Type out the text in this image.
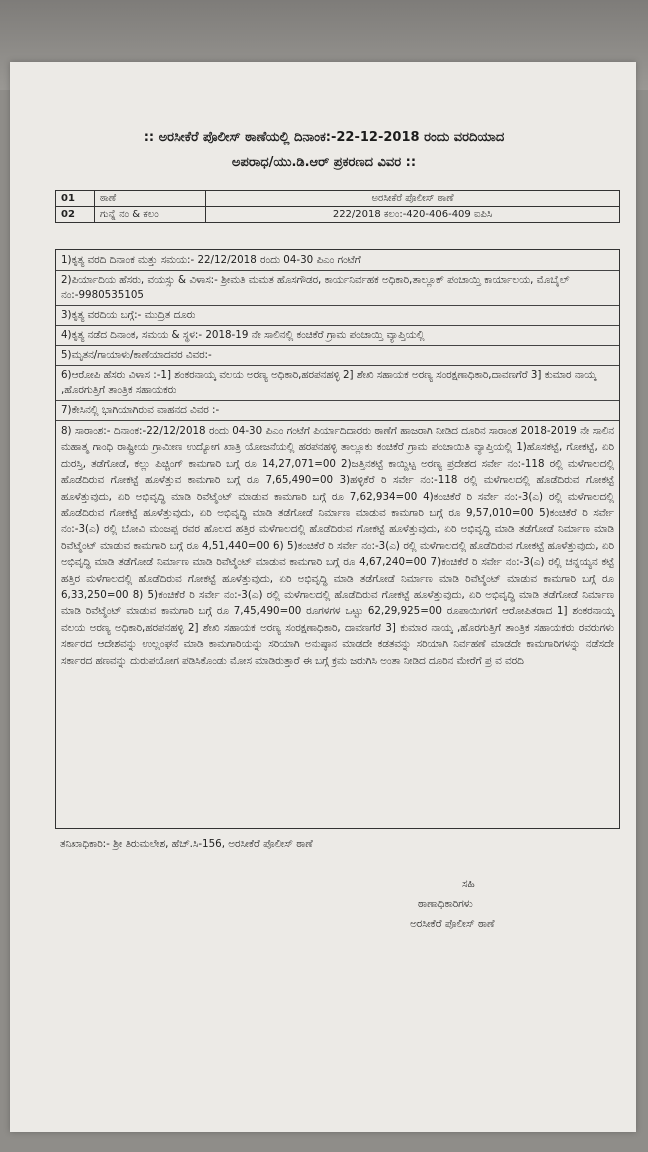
:: ಅರಸೀಕೆರೆ ಪೊಲೀಸ್ ಠಾಣೆಯಲ್ಲಿ ದಿನಾಂಕ:-22-12-2018 ರಂದು ವರದಿಯಾದ
ಅಪರಾಧ/ಯು.ಡಿ.ಆರ್ ಪ್ರಕರಣದ ವಿವರ ::
01	ಠಾಣೆ	ಅರಸೀಕೆರೆ ಪೊಲೀಸ್ ಠಾಣೆ
02	ಗುನ್ನೆ ನಂ & ಕಲಂ	222/2018 ಕಲಂ:-420-406-409 ಐಪಿಸಿ

1)ಕೃತ್ಯ ವರದಿ ದಿನಾಂಕ ಮತ್ತು ಸಮಯ:- 22/12/2018 ರಂದು 04-30 ಪಿಎಂ ಗಂಟೆಗೆ

2)ಪಿರ್ಯಾದಿಯ ಹೆಸರು, ವಯಸ್ಸು & ವಿಳಾಸ:- ಶ್ರೀಮತಿ ಮಮತ ಹೊಸಗೌಡರ, ಕಾರ್ಯನಿರ್ವಹಕ ಅಧಿಕಾರಿ,ತಾಲ್ಲೂಕ್ ಪಂಚಾಯ್ತಿ ಕಾರ್ಯಾಲಯ, ಮೊಬೈಲ್ ನಂ:-9980535105

3)ಕೃತ್ಯ ವರದಿಯ ಬಗ್ಗೆ:- ಮುದ್ರಿತ ದೂರು

4)ಕೃತ್ಯ ನಡೆದ ದಿನಾಂಕ, ಸಮಯ & ಸ್ಥಳ:- 2018-19 ನೇ ಸಾಲಿನಲ್ಲಿ ಕಂಚಿಕೆರೆ ಗ್ರಾಮ ಪಂಚಾಯ್ತಿ ವ್ಯಾಪ್ತಿಯಲ್ಲಿ

5)ಮೃತನ/ಗಾಯಾಳು/ಕಾಣೆಯಾದವರ ವಿವರ:-

6)ಆರೋಪಿ ಹೆಸರು ವಿಳಾಸ :-1] ಶಂಕರನಾಯ್ಕ ವಲಯ ಅರಣ್ಯ ಅಧಿಕಾರಿ,ಹರಪನಹಳ್ಳಿ 2] ಶೇಖಿ ಸಹಾಯಕ ಅರಣ್ಯ ಸಂರಕ್ಷಣಾಧಿಕಾರಿ,ದಾವಣಗೆರೆ 3] ಕುಮಾರ ನಾಯ್ಕ ,ಹೊರಗುತ್ತಿಗೆ ತಾಂತ್ರಿಕ ಸಹಾಯಕರು

7)ಕೇಸಿನಲ್ಲಿ ಭಾಗಿಯಾಗಿರುವ ವಾಹನದ ವಿವರ :-

8) ಸಾರಾಂಶ:- ದಿನಾಂಕ:-22/12/2018 ರಂದು 04-30 ಪಿಎಂ ಗಂಟೆಗೆ ಪಿರ್ಯಾದಿದಾರರು ಠಾಣೆಗೆ ಹಾಜರಾಗಿ ನೀಡಿದ ದೂರಿನ ಸಾರಾಂಶ 2018-2019 ನೇ ಸಾಲಿನ ಮಹಾತ್ಮ ಗಾಂಧಿ ರಾಷ್ಟ್ರೀಯ ಗ್ರಾಮೀಣ ಉದ್ಯೋಗ ಖಾತ್ರಿ ಯೋಜನೆಯಲ್ಲಿ ಹರಪನಹಳ್ಳಿ ತಾಲ್ಲೂಕು ಕಂಚಿಕೆರೆ ಗ್ರಾಮ ಪಂಚಾಯಿತಿ ವ್ಯಾಪ್ತಿಯಲ್ಲಿ 1)ಹೊಸಕಟ್ಟೆ, ಗೋಕಟ್ಟೆ, ಏರಿ ದುರಸ್ತಿ, ತಡೆಗೋಡೆ, ಕಲ್ಲು ಪಿಚ್ಚಿಂಗ್ ಕಾಮಗಾರಿ ಬಗ್ಗೆ ರೂ 14,27,071=00 2)ಜತ್ತಿನಕಟ್ಟೆ ಕಾಯ್ದಿಟ್ಟ ಅರಣ್ಯ ಪ್ರದೇಶದ ಸರ್ವೇ ನಂ:-118 ರಲ್ಲಿ ಮಳೆಗಾಲದಲ್ಲಿ ಹೊಡೆದಿರುವ ಗೋಕಟ್ಟೆ ಹೂಳೆತ್ತುವ ಕಾಮಗಾರಿ ಬಗ್ಗೆ ರೂ 7,65,490=00 3)ಹಳ್ಳಿಕೆರೆ ರಿ ಸರ್ವೇ ನಂ:-118 ರಲ್ಲಿ ಮಳೆಗಾಲದಲ್ಲಿ ಹೊಡೆದಿರುವ ಗೋಕಟ್ಟೆ ಹೂಳೆತ್ತುವುದು, ಏರಿ ಅಭಿವೃದ್ಧಿ ಮಾಡಿ ರಿವೆಟ್ಮೆಂಟ್ ಮಾಡುವ ಕಾಮಗಾರಿ ಬಗ್ಗೆ ರೂ 7,62,934=00 4)ಕಂಚಿಕೆರೆ ರಿ ಸರ್ವೇ ನಂ:-3(ಎ) ರಲ್ಲಿ ಮಳೆಗಾಲದಲ್ಲಿ ಹೊಡೆದಿರುವ ಗೋಕಟ್ಟೆ ಹೂಳೆತ್ತುವುದು, ಏರಿ ಅಭಿವೃದ್ಧಿ ಮಾಡಿ ತಡೆಗೋಡೆ ನಿರ್ಮಾಣ ಮಾಡುವ ಕಾಮಗಾರಿ ಬಗ್ಗೆ ರೂ 9,57,010=00 5)ಕಂಚಿಕೆರೆ ರಿ ಸರ್ವೇ ನಂ:-3(ಎ) ರಲ್ಲಿ ಬೋವಿ ಮಂಜಪ್ಪ ರವರ ಹೊಲದ ಹತ್ತಿರ ಮಳೆಗಾಲದಲ್ಲಿ ಹೊಡೆದಿರುವ ಗೋಕಟ್ಟೆ ಹೂಳೆತ್ತುವುದು, ಏರಿ ಅಭಿವೃದ್ಧಿ ಮಾಡಿ ತಡೆಗೋಡೆ ನಿರ್ಮಾಣ ಮಾಡಿ ರಿವೆಟ್ಮೆಂಟ್ ಮಾಡುವ ಕಾಮಗಾರಿ ಬಗ್ಗೆ ರೂ 4,51,440=00 6) 5)ಕಂಚಿಕೆರೆ ರಿ ಸರ್ವೇ ನಂ:-3(ಎ) ರಲ್ಲಿ ಮಳೆಗಾಲದಲ್ಲಿ ಹೊಡೆದಿರುವ ಗೋಕಟ್ಟೆ ಹೂಳೆತ್ತುವುದು, ಏರಿ ಅಭಿವೃದ್ಧಿ ಮಾಡಿ ತಡೆಗೋಡೆ ನಿರ್ಮಾಣ ಮಾಡಿ ರಿವೆಟ್ಮೆಂಟ್ ಮಾಡುವ ಕಾಮಗಾರಿ ಬಗ್ಗೆ ರೂ 4,67,240=00 7)ಕಂಚಿಕೆರೆ ರಿ ಸರ್ವೇ ನಂ:-3(ಎ) ರಲ್ಲಿ ಚನ್ನಯ್ಯನ ಕಟ್ಟೆ ಹತ್ತಿರ ಮಳೆಗಾಲದಲ್ಲಿ ಹೊಡೆದಿರುವ ಗೋಕಟ್ಟೆ ಹೂಳೆತ್ತುವುದು, ಏರಿ ಅಭಿವೃದ್ಧಿ ಮಾಡಿ ತಡೆಗೋಡೆ ನಿರ್ಮಾಣ ಮಾಡಿ ರಿವೆಟ್ಮೆಂಟ್ ಮಾಡುವ ಕಾಮಗಾರಿ ಬಗ್ಗೆ ರೂ 6,33,250=00 8) 5)ಕಂಚಿಕೆರೆ ರಿ ಸರ್ವೇ ನಂ:-3(ಎ) ರಲ್ಲಿ ಮಳೆಗಾಲದಲ್ಲಿ ಹೊಡೆದಿರುವ ಗೋಕಟ್ಟೆ ಹೂಳೆತ್ತುವುದು, ಏರಿ ಅಭಿವೃದ್ಧಿ ಮಾಡಿ ತಡೆಗೋಡೆ ನಿರ್ಮಾಣ ಮಾಡಿ ರಿವೆಟ್ಮೆಂಟ್ ಮಾಡುವ ಕಾಮಗಾರಿ ಬಗ್ಗೆ ರೂ 7,45,490=00 ರೂಗಳಗಳ ಒಟ್ಟು 62,29,925=00 ರೂಪಾಯಿಗಳಿಗೆ ಆರೋಪಿತರಾದ 1] ಶಂಕರನಾಯ್ಕ ವಲಯ ಅರಣ್ಯ ಅಧಿಕಾರಿ,ಹರಪನಹಳ್ಳಿ 2] ಶೇಖಿ ಸಹಾಯಕ ಅರಣ್ಯ ಸಂರಕ್ಷಣಾಧಿಕಾರಿ, ದಾವಣಗೆರೆ 3] ಕುಮಾರ ನಾಯ್ಕ ,ಹೊರಗುತ್ತಿಗೆ ತಾಂತ್ರಿಕ ಸಹಾಯಕರು ರವರುಗಳು ಸರ್ಕಾರದ ಆದೇಶವನ್ನು ಉಲ್ಲಂಘನೆ ಮಾಡಿ ಕಾಮಗಾರಿಯನ್ನು ಸರಿಯಾಗಿ ಅನುಷ್ಠಾನ ಮಾಡದೇ ಕಡತವನ್ನು ಸರಿಯಾಗಿ ನಿರ್ವಹಣೆ ಮಾಡದೇ ಕಾಮಗಾರಿಗಳನ್ನು ನಡೆಸದೇ ಸರ್ಕಾರದ ಹಣವನ್ನು ದುರುಪಯೋಗ ಪಡಿಸಿಕೊಂಡು ಮೋಸ ಮಾಡಿರುತ್ತಾರೆ ಈ ಬಗ್ಗೆ ಕ್ರಮ ಜರುಗಿಸಿ ಅಂತಾ ನೀಡಿದ ದೂರಿನ ಮೇರೆಗೆ ಪ್ರ ವ ವರದಿ

ತನಿಖಾಧಿಕಾರಿ:- ಶ್ರೀ ತಿರುಮಲೇಶ, ಹೆಚ್.ಸಿ-156, ಅರಸೀಕೆರೆ ಪೊಲೀಸ್ ಠಾಣೆ
ಸಹಿ
ಠಾಣಾಧಿಕಾರಿಗಳು
ಅರಸೀಕೆರೆ ಪೊಲೀಸ್ ಠಾಣೆ
